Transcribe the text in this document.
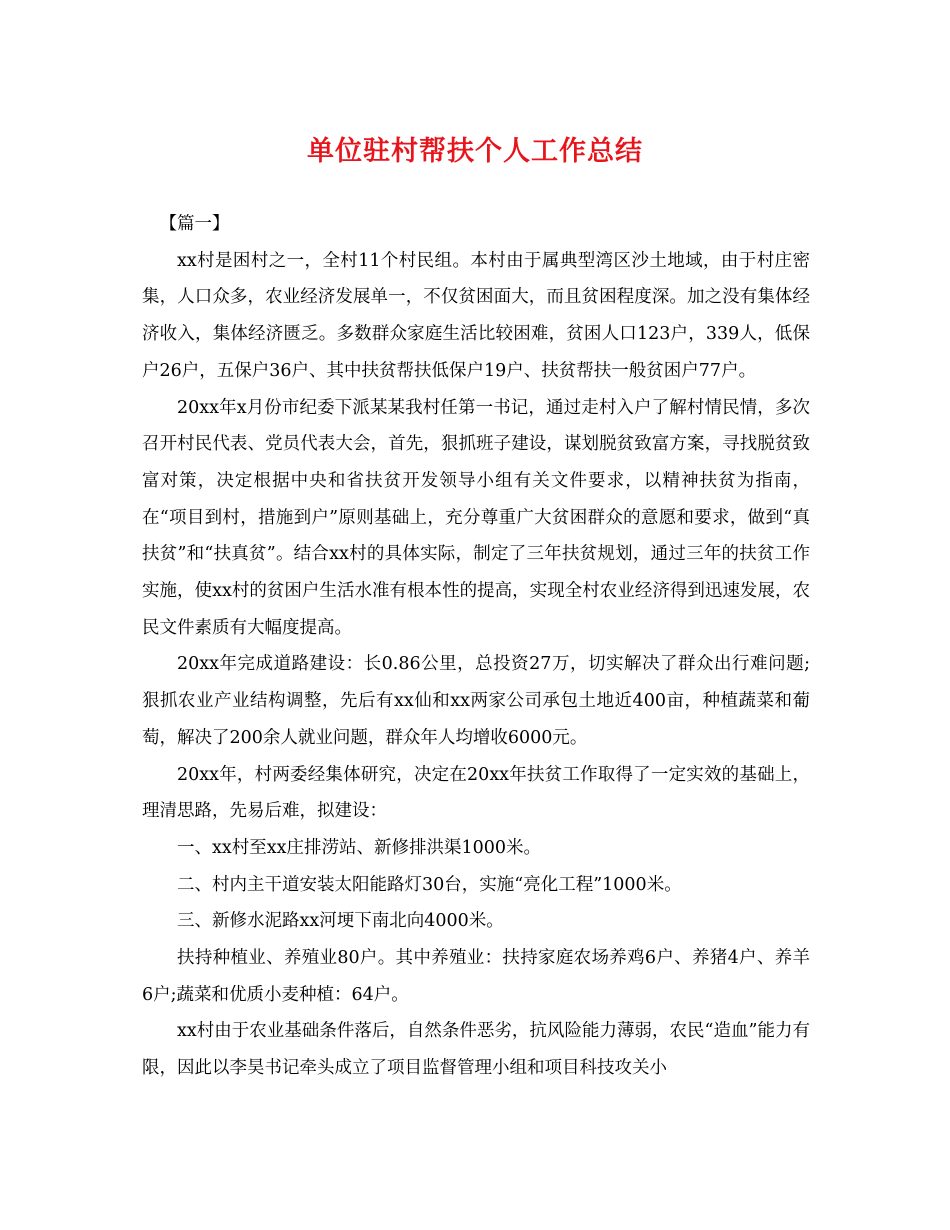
单位驻村帮扶个人工作总结

【篇一】

xx村是困村之一，全村11个村民组。本村由于属典型湾区沙土地域，由于村庄密集，人口众多，农业经济发展单一，不仅贫困面大，而且贫困程度深。加之没有集体经济收入，集体经济匮乏。多数群众家庭生活比较困难，贫困人口123户，339人，低保户26户，五保户36户、其中扶贫帮扶低保户19户、扶贫帮扶一般贫困户77户。

20xx年x月份市纪委下派某某我村任第一书记，通过走村入户了解村情民情，多次召开村民代表、党员代表大会，首先，狠抓班子建设，谋划脱贫致富方案，寻找脱贫致富对策，决定根据中央和省扶贫开发领导小组有关文件要求，以精神扶贫为指南，在“项目到村，措施到户”原则基础上，充分尊重广大贫困群众的意愿和要求，做到“真扶贫”和“扶真贫”。结合xx村的具体实际，制定了三年扶贫规划，通过三年的扶贫工作实施，使xx村的贫困户生活水准有根本性的提高，实现全村农业经济得到迅速发展，农民文件素质有大幅度提高。

20xx年完成道路建设：长0.86公里，总投资27万，切实解决了群众出行难问题;狠抓农业产业结构调整，先后有xx仙和xx两家公司承包土地近400亩，种植蔬菜和葡萄，解决了200余人就业问题，群众年人均增收6000元。

20xx年，村两委经集体研究，决定在20xx年扶贫工作取得了一定实效的基础上，理清思路，先易后难，拟建设：

一、xx村至xx庄排涝站、新修排洪渠1000米。

二、村内主干道安装太阳能路灯30台，实施“亮化工程”1000米。

三、新修水泥路xx河埂下南北向4000米。

扶持种植业、养殖业80户。其中养殖业：扶持家庭农场养鸡6户、养猪4户、养羊6户;蔬菜和优质小麦种植：64户。

xx村由于农业基础条件落后，自然条件恶劣，抗风险能力薄弱，农民“造血”能力有限，因此以李昊书记牵头成立了项目监督管理小组和项目科技攻关小
